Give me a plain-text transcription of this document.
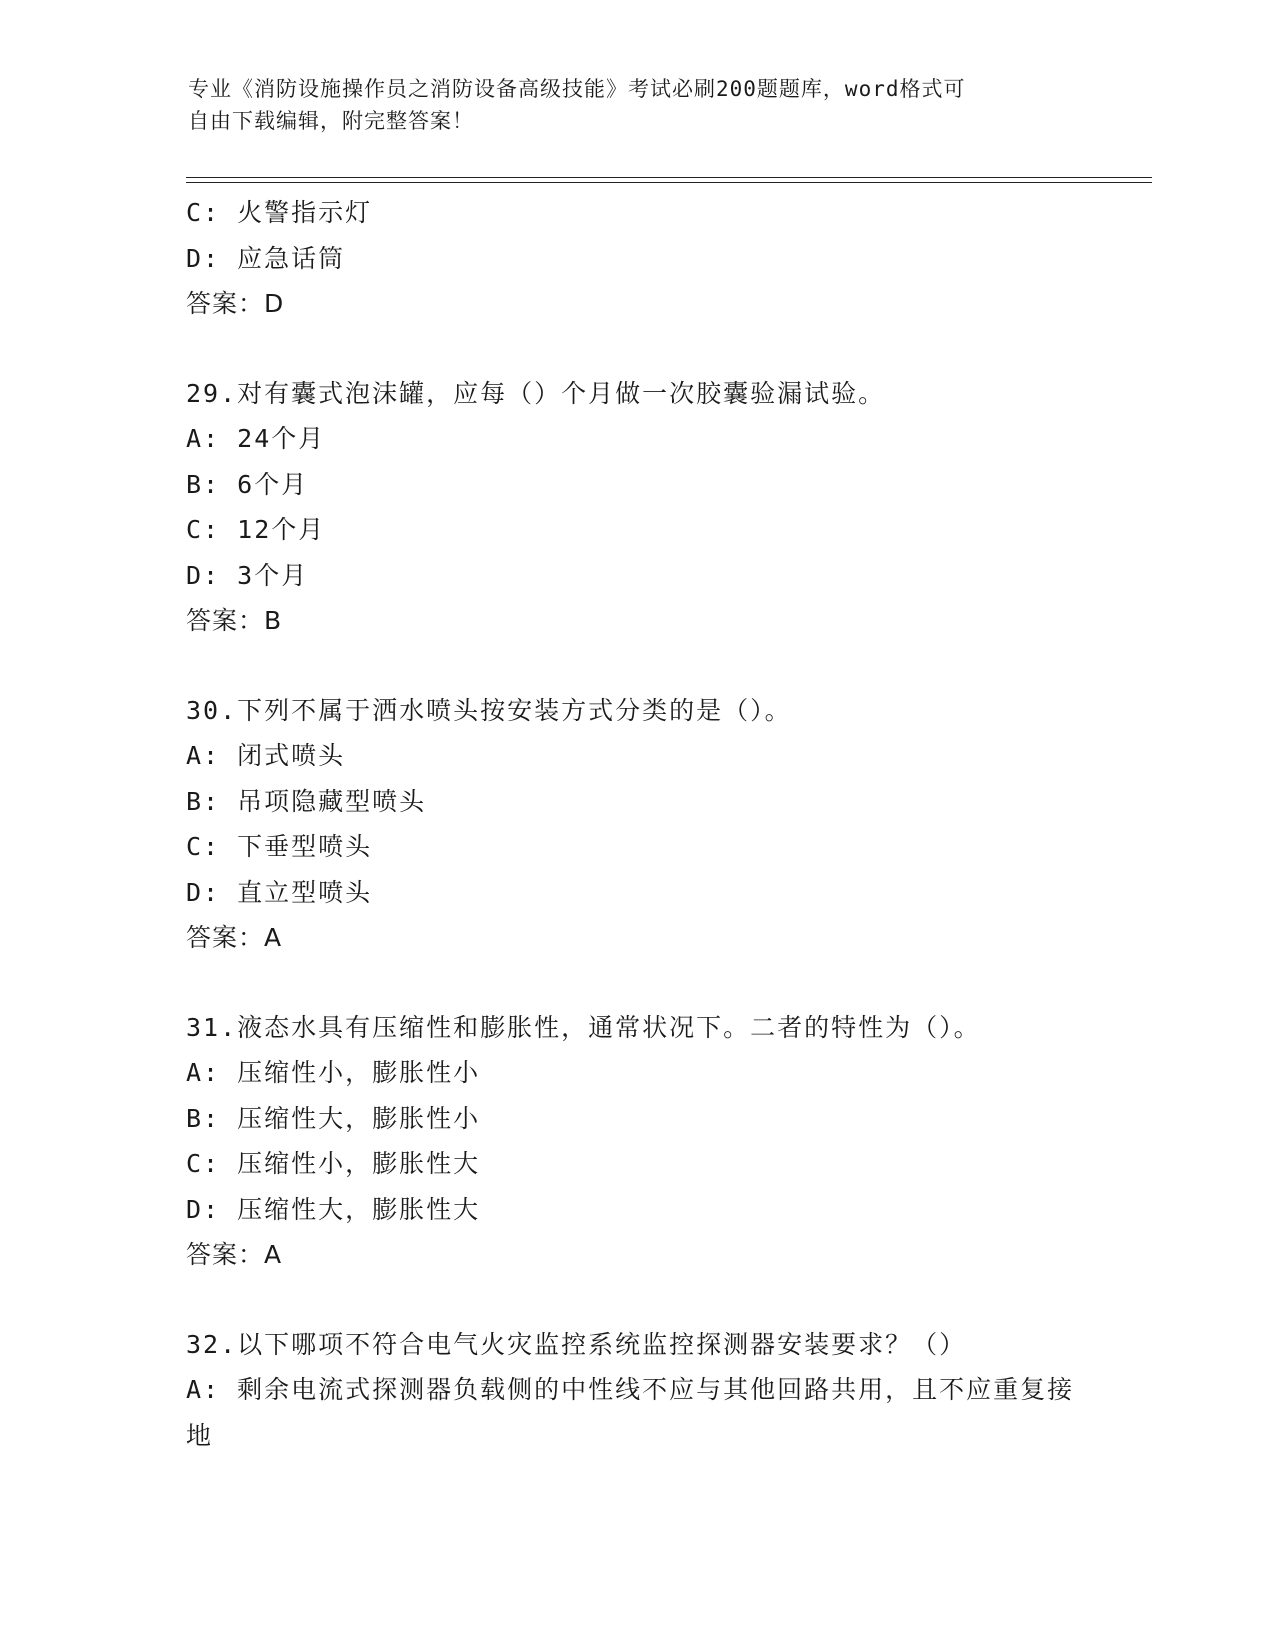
专业《消防设施操作员之消防设备高级技能》考试必刷200题题库，word格式可
自由下载编辑，附完整答案！
C: 火警指示灯
D: 应急话筒
答案：D
29.对有囊式泡沫罐，应每（）个月做一次胶囊验漏试验。
A: 24个月
B: 6个月
C: 12个月
D: 3个月
答案：B
30.下列不属于洒水喷头按安装方式分类的是（）。
A: 闭式喷头
B: 吊项隐藏型喷头
C: 下垂型喷头
D: 直立型喷头
答案：A
31.液态水具有压缩性和膨胀性，通常状况下。二者的特性为（）。
A: 压缩性小，膨胀性小
B: 压缩性大，膨胀性小
C: 压缩性小，膨胀性大
D: 压缩性大，膨胀性大
答案：A
32.以下哪项不符合电气火灾监控系统监控探测器安装要求？（）
A: 剩余电流式探测器负载侧的中性线不应与其他回路共用，且不应重复接地
